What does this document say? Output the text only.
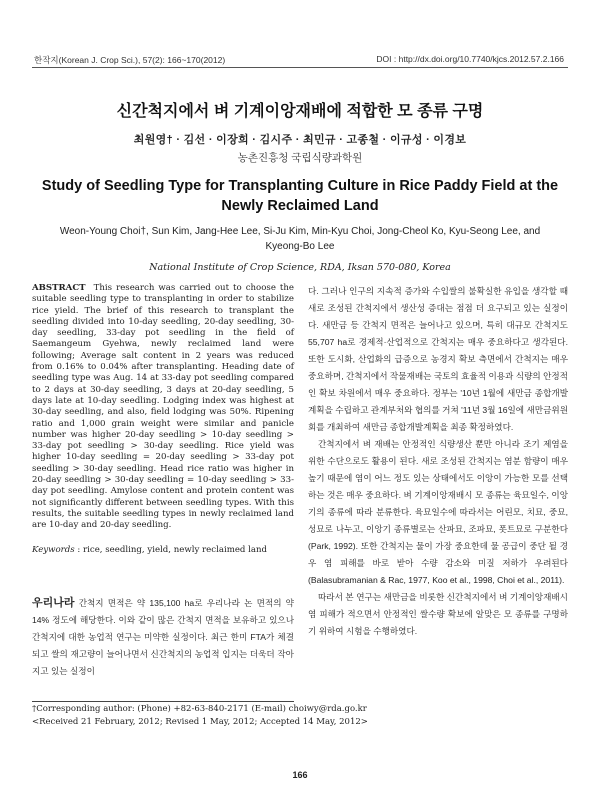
한작지(Korean J. Crop Sci.), 57(2): 166~170(2012)	DOI : http://dx.doi.org/10.7740/kjcs.2012.57.2.166
신간척지에서 벼 기계이앙재배에 적합한 모 종류 구명
최원영† · 김선 · 이장희 · 김시주 · 최민규 · 고종철 · 이규성 · 이경보
농촌진흥청 국립식량과학원
Study of Seedling Type for Transplanting Culture in Rice Paddy Field at the Newly Reclaimed Land
Weon-Young Choi†, Sun Kim, Jang-Hee Lee, Si-Ju Kim, Min-Kyu Choi, Jong-Cheol Ko, Kyu-Seong Lee, and Kyeong-Bo Lee
National Institute of Crop Science, RDA, Iksan 570-080, Korea
ABSTRACT This research was carried out to choose the suitable seedling type to transplanting in order to stabilize rice yield. The brief of this research to transplant the seedling divided into 10-day seedling, 20-day seedling, 30-day seedling, 33-day pot seedling in the field of Saemangeum Gyehwa, newly reclaimed land were following; Average salt content in 2 years was reduced from 0.16% to 0.04% after transplanting. Heading date of seedling type was Aug. 14 at 33-day pot seedling compared to 2 days at 30-day seedling, 3 days at 20-day seedling, 5 days late at 10-day seedling. Lodging index was highest at 30-day seedling, and also, field lodging was 50%. Ripening ratio and 1,000 grain weight were similar and panicle number was higher 20-day seedling > 10-day seedling > 33-day pot seedling > 30-day seedling. Rice yield was higher 10-day seedling = 20-day seedling > 33-day pot seedling > 30-day seedling. Head rice ratio was higher in 20-day seedling > 30-day seedling = 10-day seedling > 33-day pot seedling. Amylose content and protein content was not significantly different between seedling types. With this results, the suitable seedling types in newly reclaimed land are 10-day and 20-day seedling.
Keywords : rice, seedling, yield, newly reclaimed land

다. 그러나 인구의 지속적 증가와 수입쌀의 불확실한 유입을 생각할 때 새로 조성된 간척지에서 생산성 증대는 점점 더 요구되고 있는 실정이다. 새만금 등 간척지 면적은 늘어나고 있으며, 특히 대규모 간척지도 55,707 ha로 경제적·산업적으로 간척지는 매우 중요하다고 생각된다. 또한 도시화, 산업화의 급증으로 농경지 확보 측면에서 간척지는 매우 중요하며, 간척지에서 작물재배는 국토의 효율적 이용과 식량의 안정적인 확보 차원에서 매우 중요하다. 정부는 '10년 1월에 새만금 종합개발계획을 수립하고 관계부처와 협의를 거쳐 '11년 3월 16일에 새만금위원회를 개최하여 새만금 종합개발계획을 최종 확정하였다.

간척지에서 벼 재배는 안정적인 식량생산 뿐만 아니라 조기 제염을 위한 수단으로도 활용이 된다. 새로 조성된 간척지는 염분 함량이 매우 높기 때문에 염이 어느 정도 있는 상태에서도 이앙이 가능한 모를 선택하는 것은 매우 중요하다. 벼 기계이앙재배시 모 종류는 육묘일수, 이앙기의 종류에 따라 분류한다. 육묘일수에 따라서는 어린모, 치묘, 중묘, 성묘로 나누고, 이앙기 종류별로는 산파묘, 조파묘, 폿트묘로 구분한다(Park, 1992). 또한 간척지는 물이 가장 중요한데 물 공급이 중단 될 경우 염 피해를 바로 받아 수량 감소와 미질 저하가 우려된다(Balasubramanian & Rac, 1977, Koo et al., 1998, Choi et al., 2011).

따라서 본 연구는 새만금을 비롯한 신간척지에서 벼 기계이앙재배시 염 피해가 적으면서 안정적인 쌀수량 확보에 알맞은 모 종류를 구명하기 위하여 시험을 수행하였다.

†Corresponding author: (Phone) +82-63-840-2171 (E-mail) choiwy@rda.go.kr
<Received 21 February, 2012; Revised 1 May, 2012; Accepted 14 May, 2012>
166

우리나라 간척지 면적은 약 135,100 ha로 우리나라 논 면적의 약 14% 정도에 해당한다. 이와 같이 많은 간척지 면적을 보유하고 있으나 간척지에 대한 농업적 연구는 미약한 실정이다. 최근 한미 FTA가 체결되고 쌀의 재고량이 늘어나면서 신간척지의 농업적 입지는 더욱더 작아지고 있는 실정이
